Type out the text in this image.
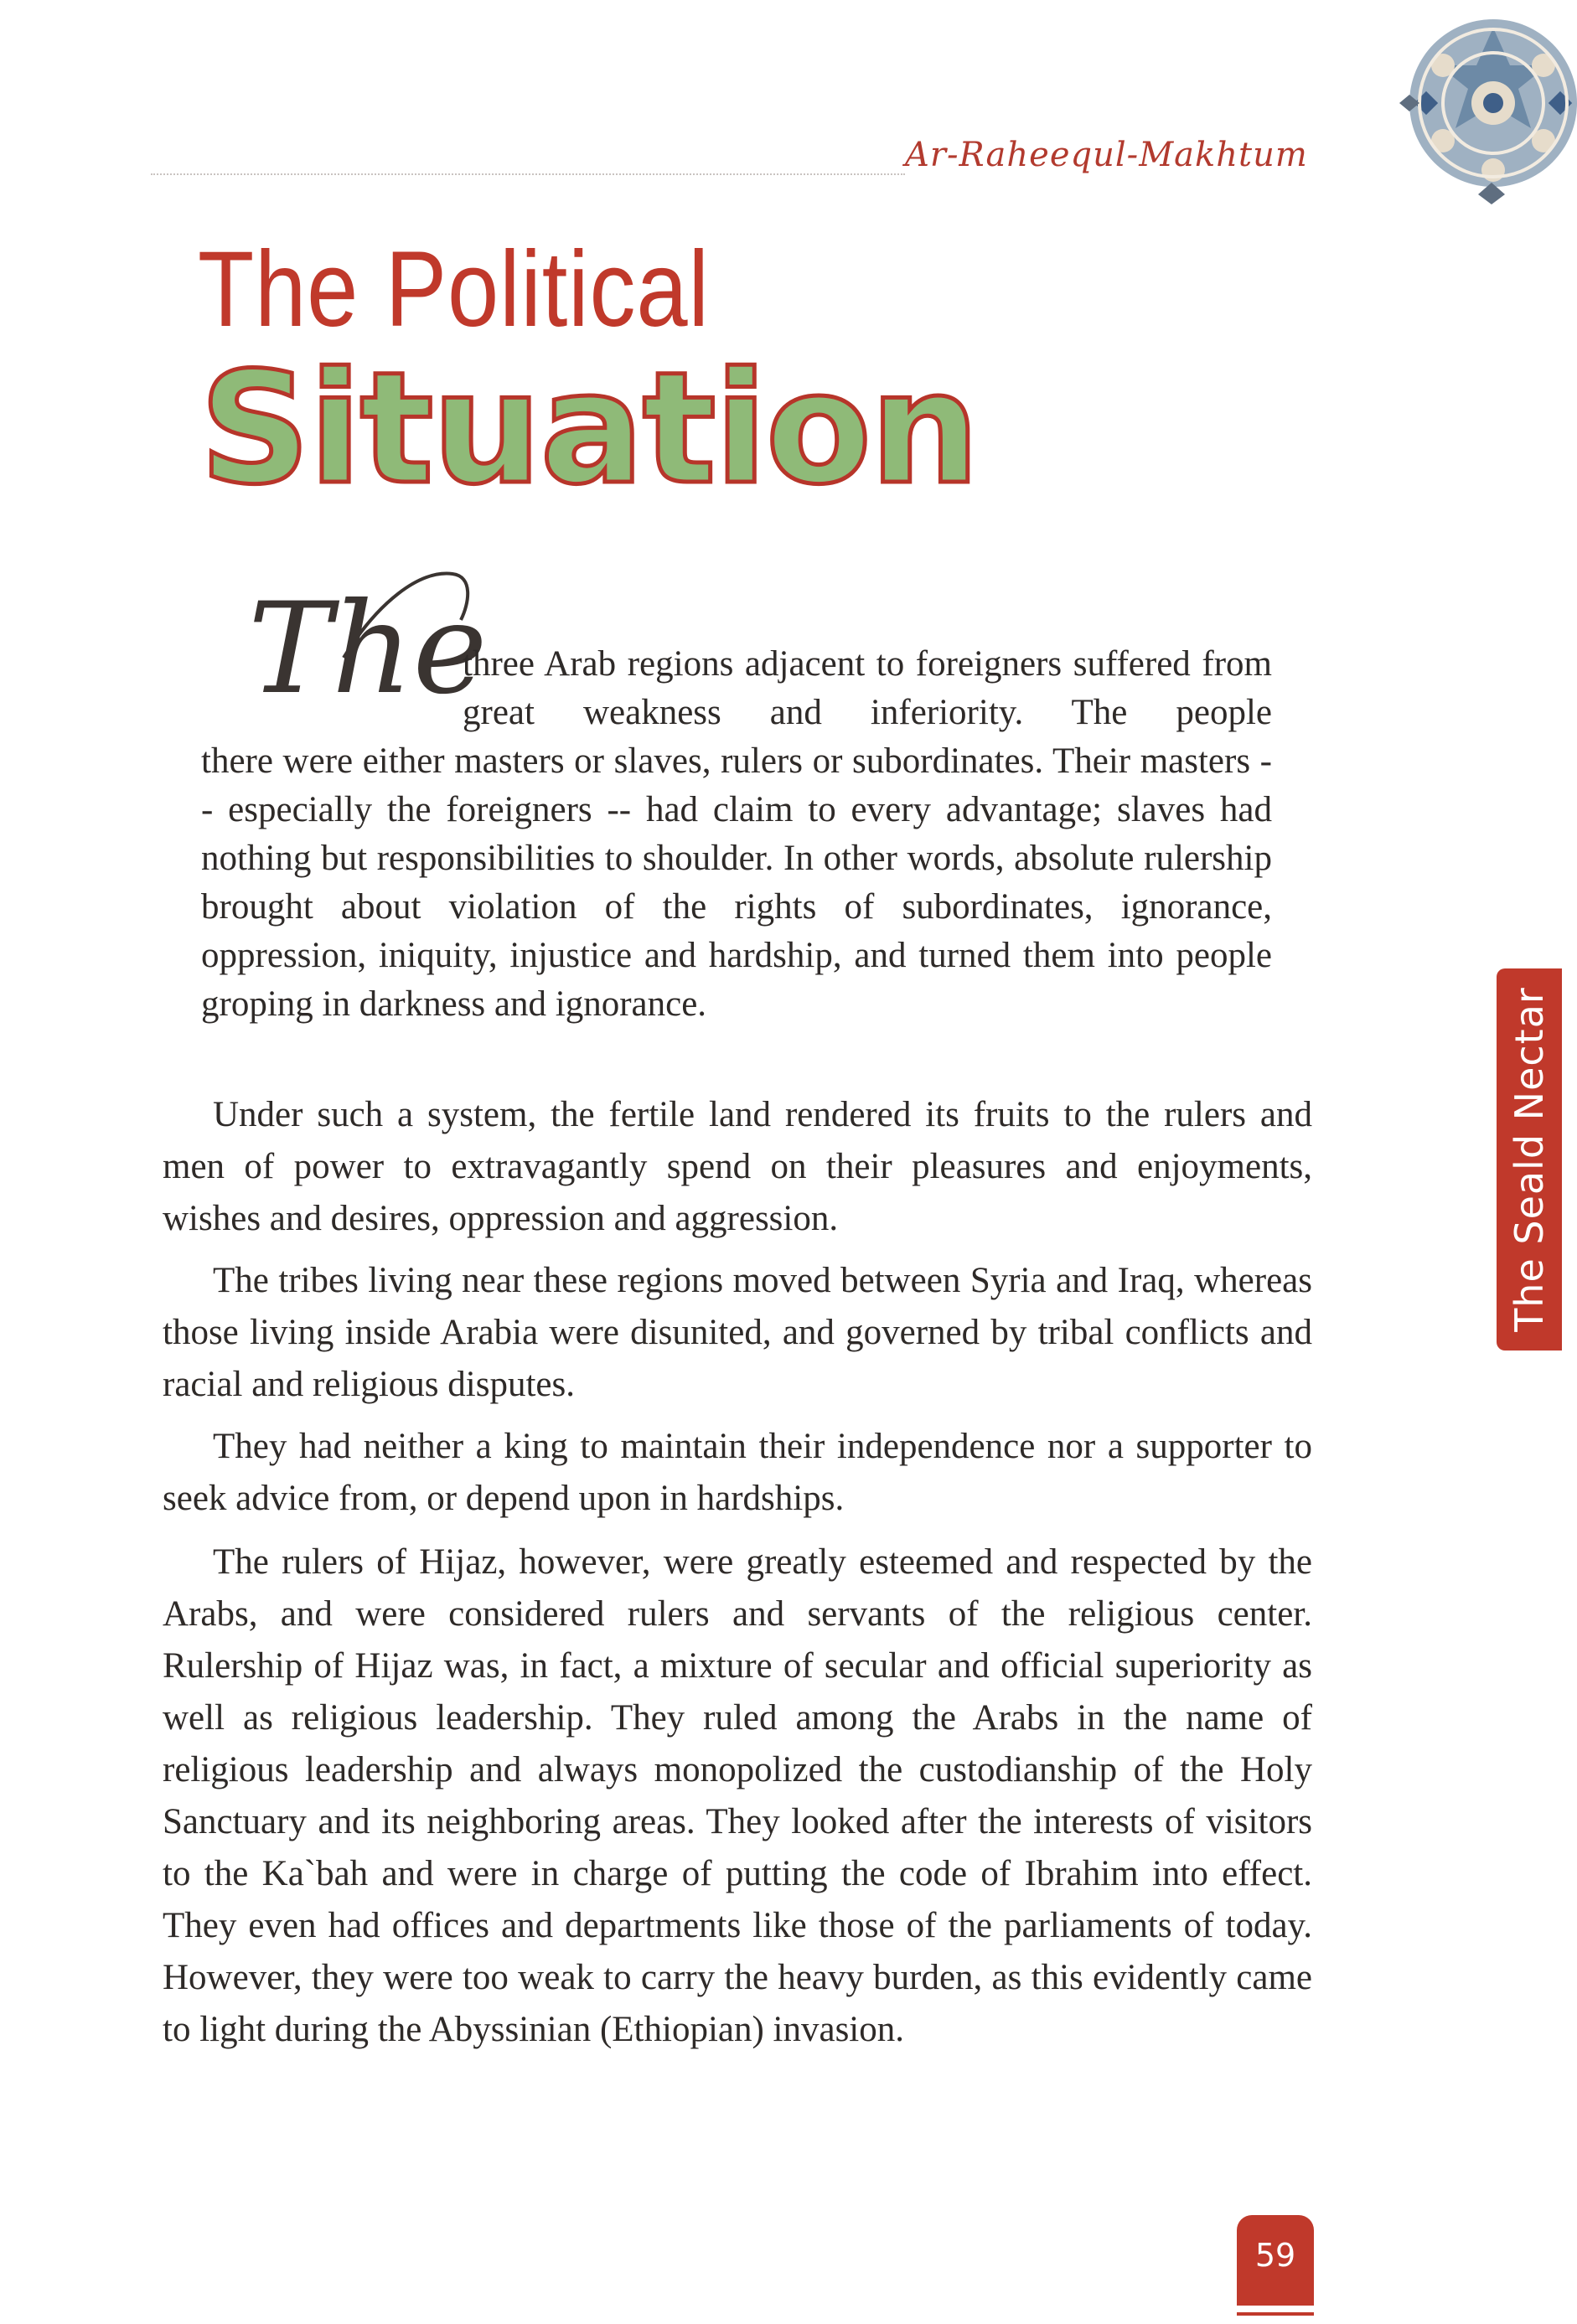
Ar-Raheequl-Makhtum
The Political
Situation
The
three Arab regions adjacent to foreigners suffered from great weakness and inferiority. The people
there were either masters or slaves, rulers or subordinates. Their masters -- especially the foreigners -- had claim to every advantage; slaves had nothing but responsibilities to shoulder. In other words, absolute rulership brought about violation of the rights of subordinates, ignorance, oppression, iniquity, injustice and hardship, and turned them into people groping in darkness and ignorance.

Under such a system, the fertile land rendered its fruits to the rulers and men of power to extravagantly spend on their pleasures and enjoyments, wishes and desires, oppression and aggression.

The tribes living near these regions moved between Syria and Iraq, whereas those living inside Arabia were disunited, and governed by tribal conflicts and racial and religious disputes.

They had neither a king to maintain their independence nor a supporter to seek advice from, or depend upon in hardships.

The rulers of Hijaz, however, were greatly esteemed and respected by the Arabs, and were considered rulers and servants of the religious center. Rulership of Hijaz was, in fact, a mixture of secular and official superiority as well as religious leadership. They ruled among the Arabs in the name of religious leadership and always monopolized the custodianship of the Holy Sanctuary and its neighboring areas. They looked after the interests of visitors to the Ka`bah and were in charge of putting the code of Ibrahim into effect. They even had offices and departments like those of the parliaments of today. However, they were too weak to carry the heavy burden, as this evidently came to light during the Abyssinian (Ethiopian) invasion.

The Seald Nectar
59
